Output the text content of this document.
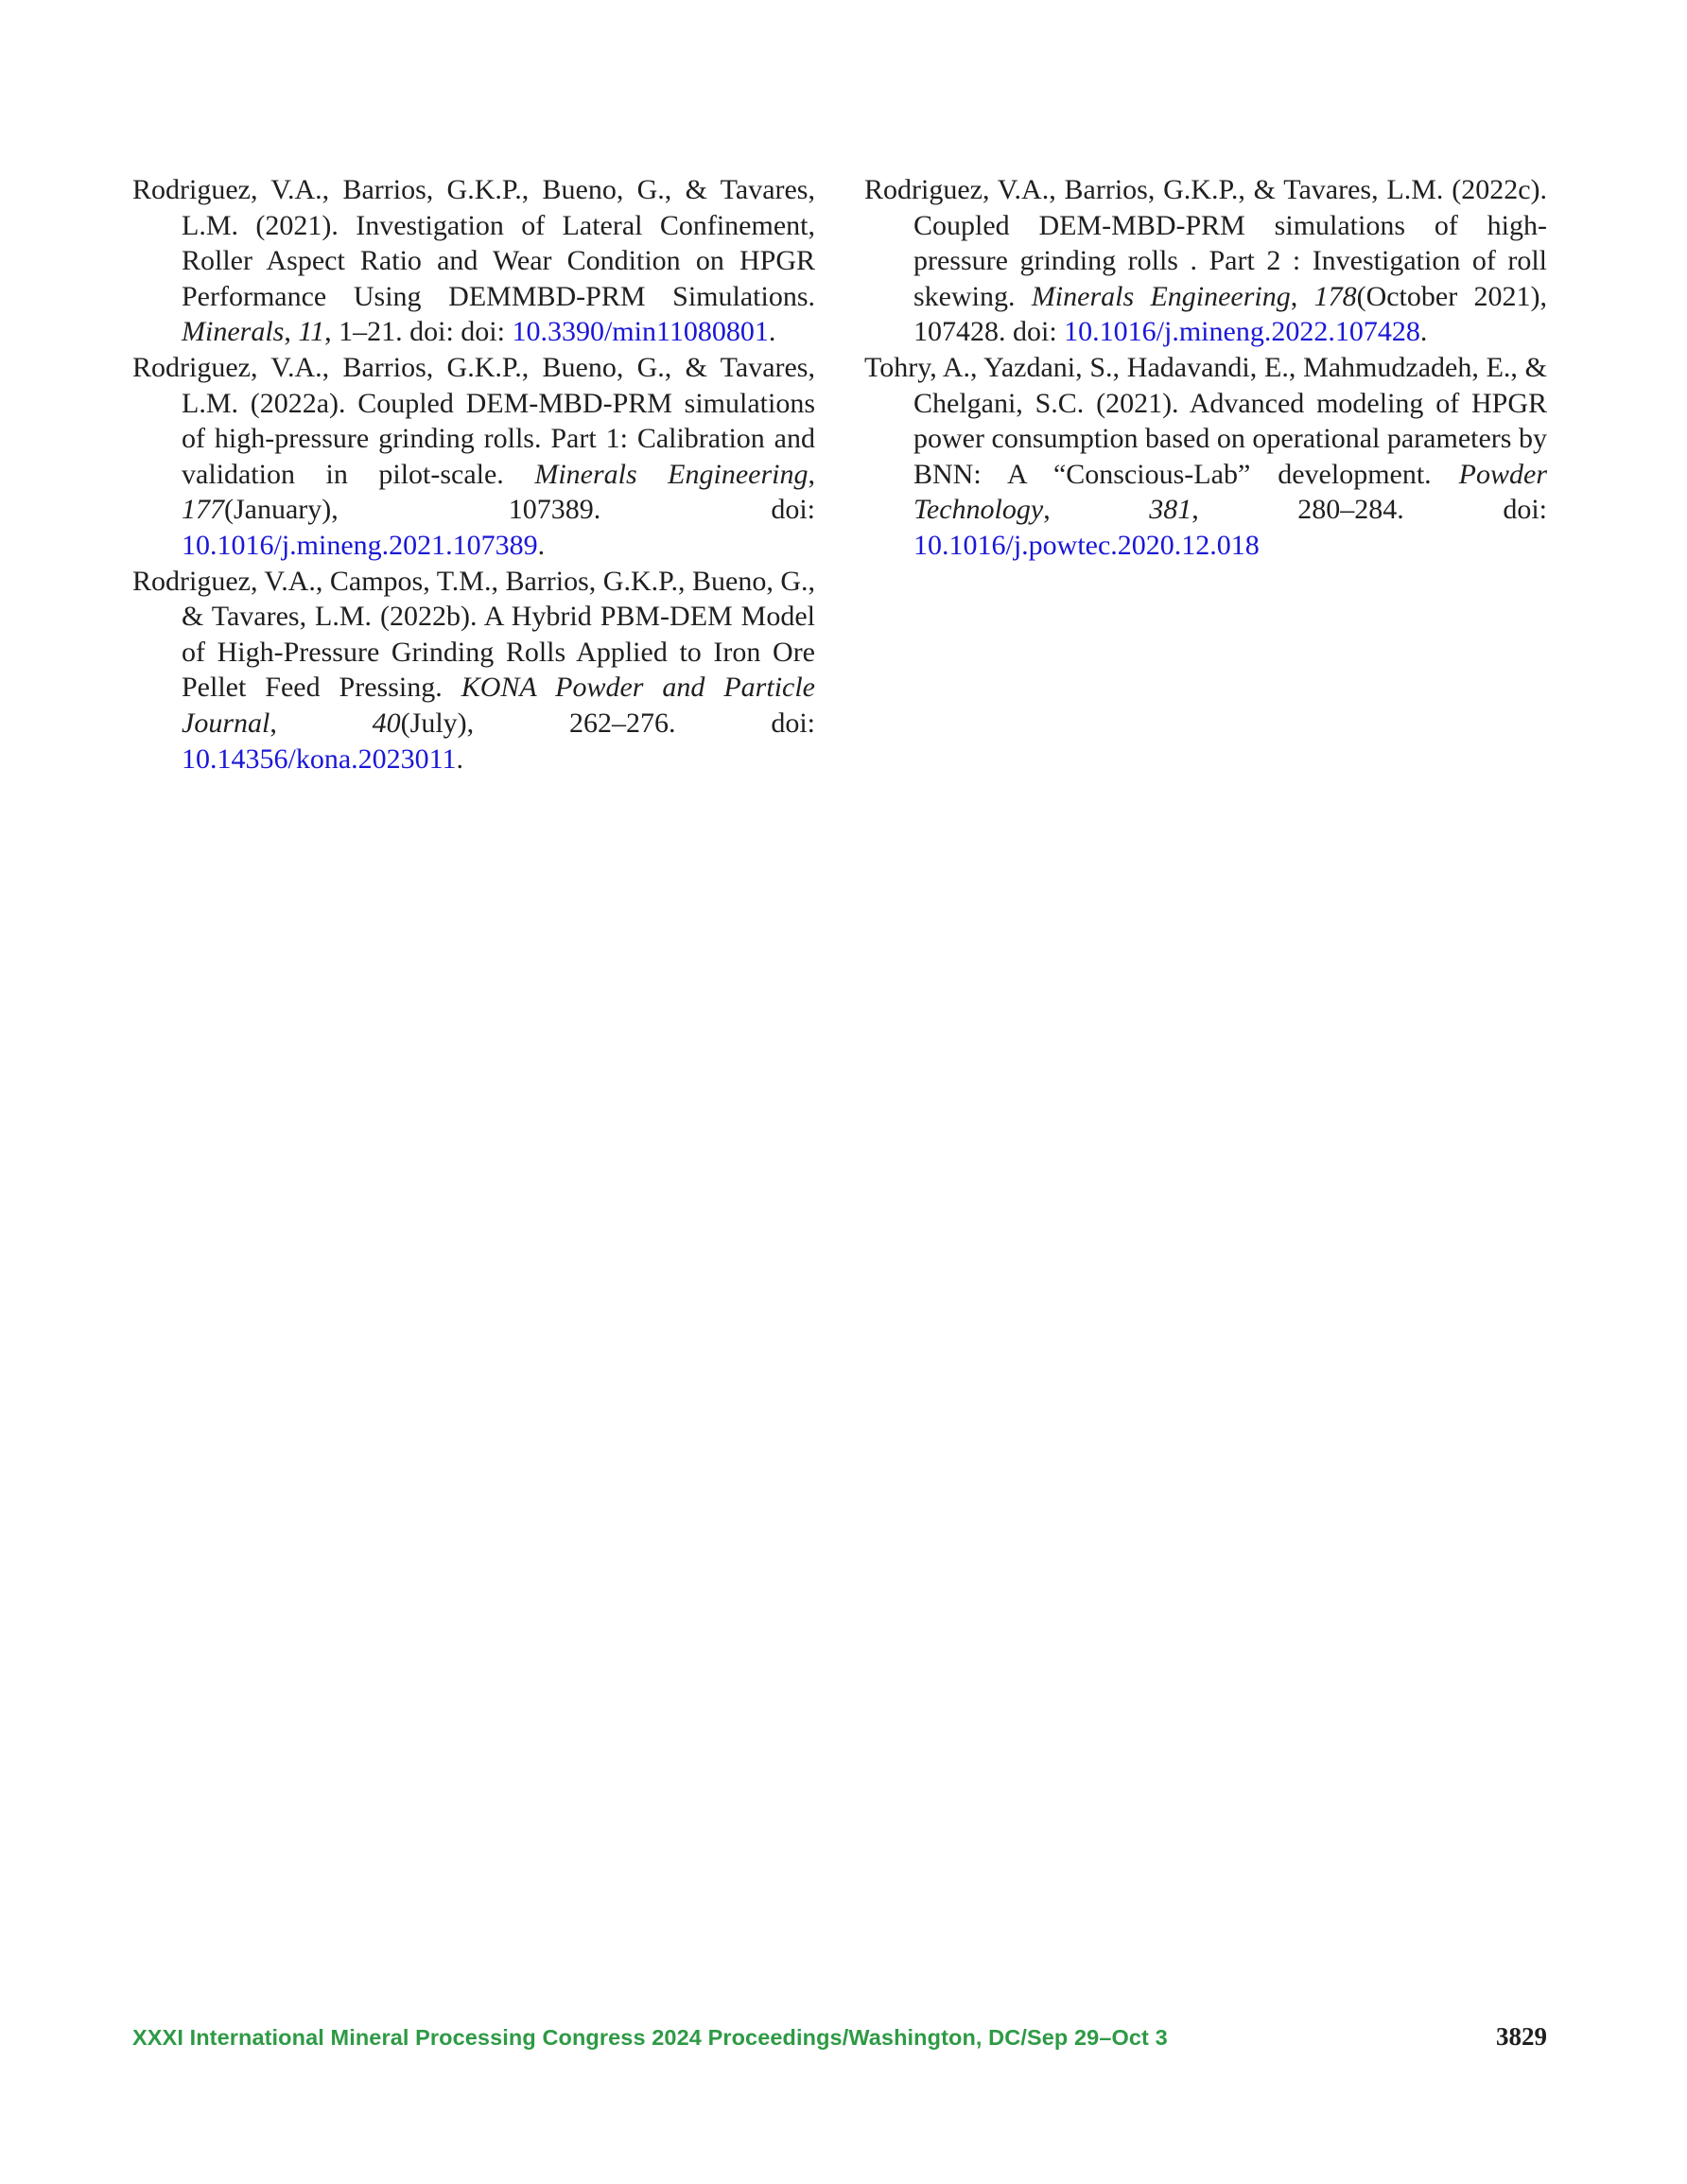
Rodriguez, V.A., Barrios, G.K.P., Bueno, G., & Tavares, L.M. (2021). Investigation of Lateral Confinement, Roller Aspect Ratio and Wear Condition on HPGR Performance Using DEMMBD-PRM Simulations. Minerals, 11, 1–21. doi: doi: 10.3390/min11080801.

Rodriguez, V.A., Barrios, G.K.P., Bueno, G., & Tavares, L.M. (2022a). Coupled DEM-MBD-PRM simulations of high-pressure grinding rolls. Part 1: Calibration and validation in pilot-scale. Minerals Engineering, 177(January), 107389. doi: 10.1016/j.mineng.2021.107389.

Rodriguez, V.A., Campos, T.M., Barrios, G.K.P., Bueno, G., & Tavares, L.M. (2022b). A Hybrid PBM-DEM Model of High-Pressure Grinding Rolls Applied to Iron Ore Pellet Feed Pressing. KONA Powder and Particle Journal, 40(July), 262–276. doi: 10.14356/kona.2023011.

Rodriguez, V.A., Barrios, G.K.P., & Tavares, L.M. (2022c). Coupled DEM-MBD-PRM simulations of high-pressure grinding rolls . Part 2 : Investigation of roll skewing. Minerals Engineering, 178(October 2021), 107428. doi: 10.1016/j.mineng.2022.107428.

Tohry, A., Yazdani, S., Hadavandi, E., Mahmudzadeh, E., & Chelgani, S.C. (2021). Advanced modeling of HPGR power consumption based on operational parameters by BNN: A “Conscious-Lab” development. Powder Technology, 381, 280–284. doi: 10.1016/j.powtec.2020.12.018

XXXI International Mineral Processing Congress 2024 Proceedings/Washington, DC/Sep 29–Oct 3	3829
